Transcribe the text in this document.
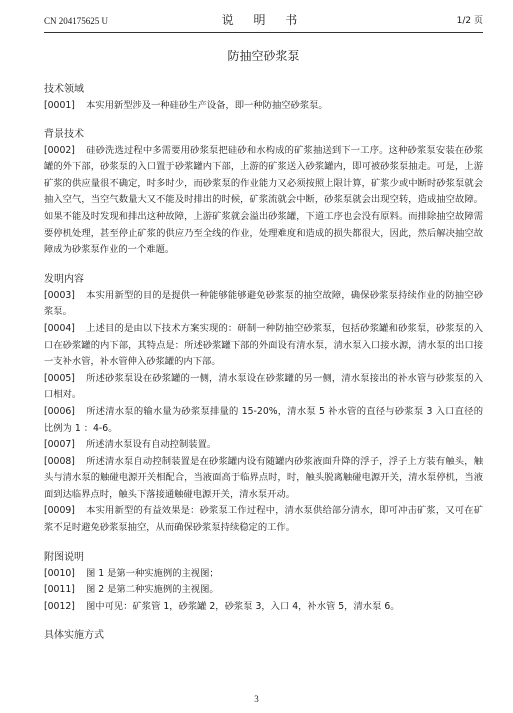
CN 204175625 U	说 明 书	1/2 页
防抽空砂浆泵
技术领域

[0001] 本实用新型涉及一种硅砂生产设备，即一种防抽空砂浆泵。

背景技术

[0002] 硅砂洗选过程中多需要用砂浆泵把硅砂和水构成的矿浆抽送到下一工序。这种砂浆泵安装在砂浆罐的外下部，砂浆泵的入口置于砂浆罐内下部，上游的矿浆送入砂浆罐内，即可被砂浆泵抽走。可是，上游矿浆的供应量很不确定，时多时少，而砂浆泵的作业能力又必须按照上限计算，矿浆少或中断时砂浆泵就会抽入空气，当空气数量大又不能及时排出的时候，矿浆流就会中断，砂浆泵就会出现空转，造成抽空故障。如果不能及时发现和排出这种故障，上游矿浆就会溢出砂浆罐，下道工序也会没有原料。而排除抽空故障需要停机处理，甚至停止矿浆的供应乃至全线的作业，处理难度和造成的损失都很大，因此，然后解决抽空故障成为砂浆泵作业的一个难题。

发明内容

[0003] 本实用新型的目的是提供一种能够能够避免砂浆泵的抽空故障，确保砂浆泵持续作业的防抽空砂浆泵。

[0004] 上述目的是由以下技术方案实现的：研制一种防抽空砂浆泵，包括砂浆罐和砂浆泵，砂浆泵的入口在砂浆罐的内下部，其特点是：所述砂浆罐下部的外面设有清水泵，清水泵入口接水源，清水泵的出口接一支补水管，补水管伸入砂浆罐的内下部。

[0005] 所述砂浆泵设在砂浆罐的一侧，清水泵设在砂浆罐的另一侧，清水泵接出的补水管与砂浆泵的入口相对。

[0006] 所述清水泵的输水量为砂浆泵排量的 15-20%，清水泵 5 补水管的直径与砂浆泵 3 入口直径的比例为 1 ：4-6。

[0007] 所述清水泵设有自动控制装置。

[0008] 所述清水泵自动控制装置是在砂浆罐内设有随罐内砂浆液面升降的浮子，浮子上方装有触头，触头与清水泵的触碰电源开关相配合，当液面高于临界点时，时，触头脱离触碰电源开关，清水泵停机，当液面到达临界点时，触头下落接通触碰电源开关，清水泵开动。

[0009] 本实用新型的有益效果是：砂浆泵工作过程中，清水泵供给部分清水，即可冲击矿浆，又可在矿浆不足时避免砂浆泵抽空，从而确保砂浆泵持续稳定的工作。

附图说明

[0010] 图 1 是第一种实施例的主视图；

[0011] 图 2 是第二种实施例的主视图。

[0012] 图中可见：矿浆管 1，砂浆罐 2，砂浆泵 3，入口 4，补水管 5，清水泵 6。

具体实施方式
3
